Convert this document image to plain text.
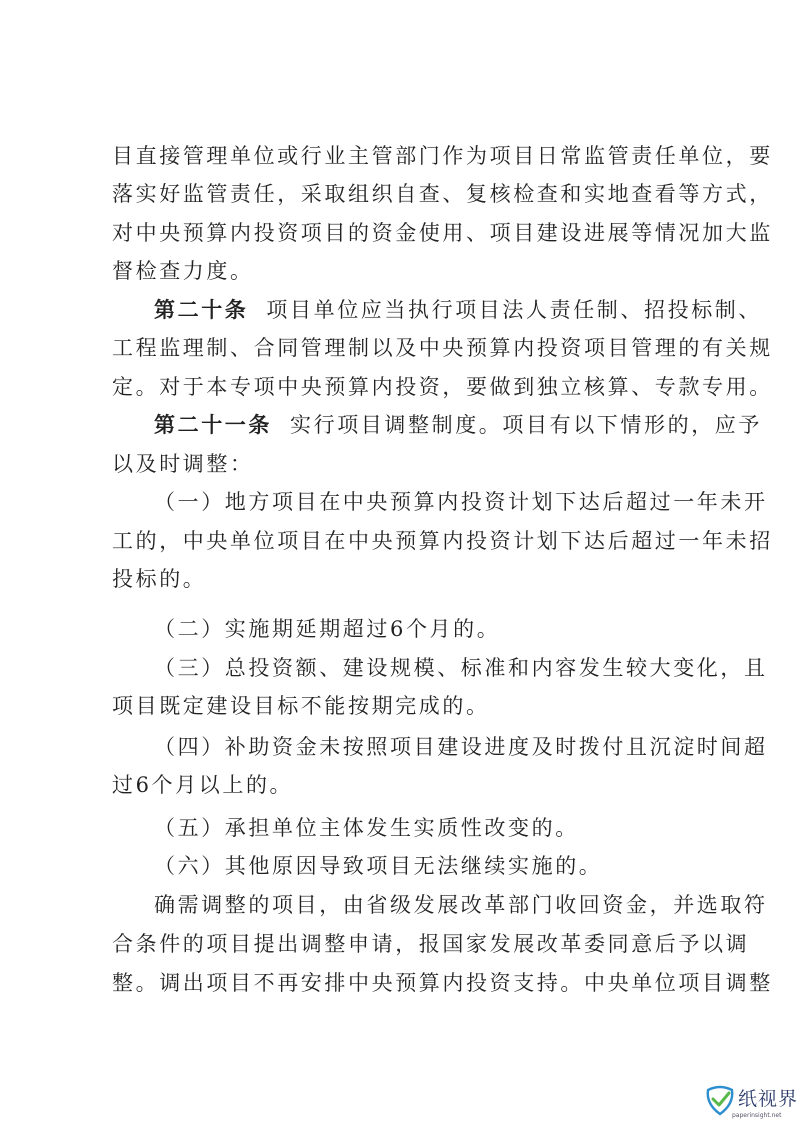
目直接管理单位或行业主管部门作为项目日常监管责任单位，要

落实好监管责任，采取组织自查、复核检查和实地查看等方式，

对中央预算内投资项目的资金使用、项目建设进展等情况加大监

督检查力度。

第二十条 项目单位应当执行项目法人责任制、招投标制、

工程监理制、合同管理制以及中央预算内投资项目管理的有关规

定。对于本专项中央预算内投资，要做到独立核算、专款专用。

第二十一条 实行项目调整制度。项目有以下情形的，应予

以及时调整：

（一）地方项目在中央预算内投资计划下达后超过一年未开

工的，中央单位项目在中央预算内投资计划下达后超过一年未招

投标的。

（二）实施期延期超过6个月的。

（三）总投资额、建设规模、标准和内容发生较大变化，且

项目既定建设目标不能按期完成的。

（四）补助资金未按照项目建设进度及时拨付且沉淀时间超

过6个月以上的。

（五）承担单位主体发生实质性改变的。

（六）其他原因导致项目无法继续实施的。

确需调整的项目，由省级发展改革部门收回资金，并选取符

合条件的项目提出调整申请，报国家发展改革委同意后予以调

整。调出项目不再安排中央预算内投资支持。中央单位项目调整

纸视界
paperinsight.net
